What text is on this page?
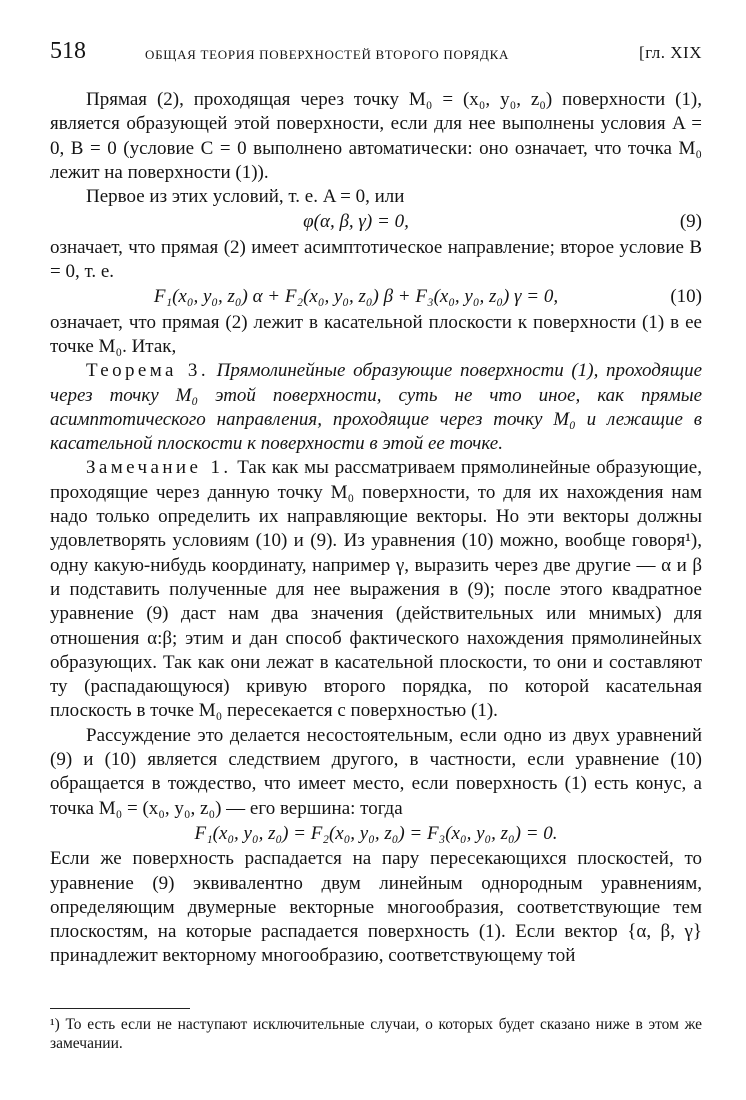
518	ОБЩАЯ ТЕОРИЯ ПОВЕРХНОСТЕЙ ВТОРОГО ПОРЯДКА	[гл. XIX

Прямая (2), проходящая через точку M₀ = (x₀, y₀, z₀) поверхности (1), является образующей этой поверхности, если для нее выполнены условия A = 0, B = 0 (условие C = 0 выполнено автоматически: оно означает, что точка M₀ лежит на поверхности (1)).

Первое из этих условий, т. е. A = 0, или

φ(α, β, γ) = 0,	(9)

означает, что прямая (2) имеет асимптотическое направление; второе условие B = 0, т. е.

F₁(x₀, y₀, z₀) α + F₂(x₀, y₀, z₀) β + F₃(x₀, y₀, z₀) γ = 0,	(10)

означает, что прямая (2) лежит в касательной плоскости к поверхности (1) в ее точке M₀. Итак,

Теорема 3. Прямолинейные образующие поверхности (1), проходящие через точку M₀ этой поверхности, суть не что иное, как прямые асимптотического направления, проходящие через точку M₀ и лежащие в касательной плоскости к поверхности в этой ее точке.

Замечание 1. Так как мы рассматриваем прямолинейные образующие, проходящие через данную точку M₀ поверхности, то для их нахождения нам надо только определить их направляющие векторы. Но эти векторы должны удовлетворять условиям (10) и (9). Из уравнения (10) можно, вообще говоря¹), одну какую-нибудь координату, например γ, выразить через две другие — α и β и подставить полученные для нее выражения в (9); после этого квадратное уравнение (9) даст нам два значения (действительных или мнимых) для отношения α:β; этим и дан способ фактического нахождения прямолинейных образующих. Так как они лежат в касательной плоскости, то они и составляют ту (распадающуюся) кривую второго порядка, по которой касательная плоскость в точке M₀ пересекается с поверхностью (1).

Рассуждение это делается несостоятельным, если одно из двух уравнений (9) и (10) является следствием другого, в частности, если уравнение (10) обращается в тождество, что имеет место, если поверхность (1) есть конус, а точка M₀ = (x₀, y₀, z₀) — его вершина: тогда

F₁(x₀, y₀, z₀) = F₂(x₀, y₀, z₀) = F₃(x₀, y₀, z₀) = 0.

Если же поверхность распадается на пару пересекающихся плоскостей, то уравнение (9) эквивалентно двум линейным однородным уравнениям, определяющим двумерные векторные многообразия, соответствующие тем плоскостям, на которые распадается поверхность (1). Если вектор {α, β, γ} принадлежит векторному многообразию, соответствующему той

¹) То есть если не наступают исключительные случаи, о которых будет сказано ниже в этом же замечании.
